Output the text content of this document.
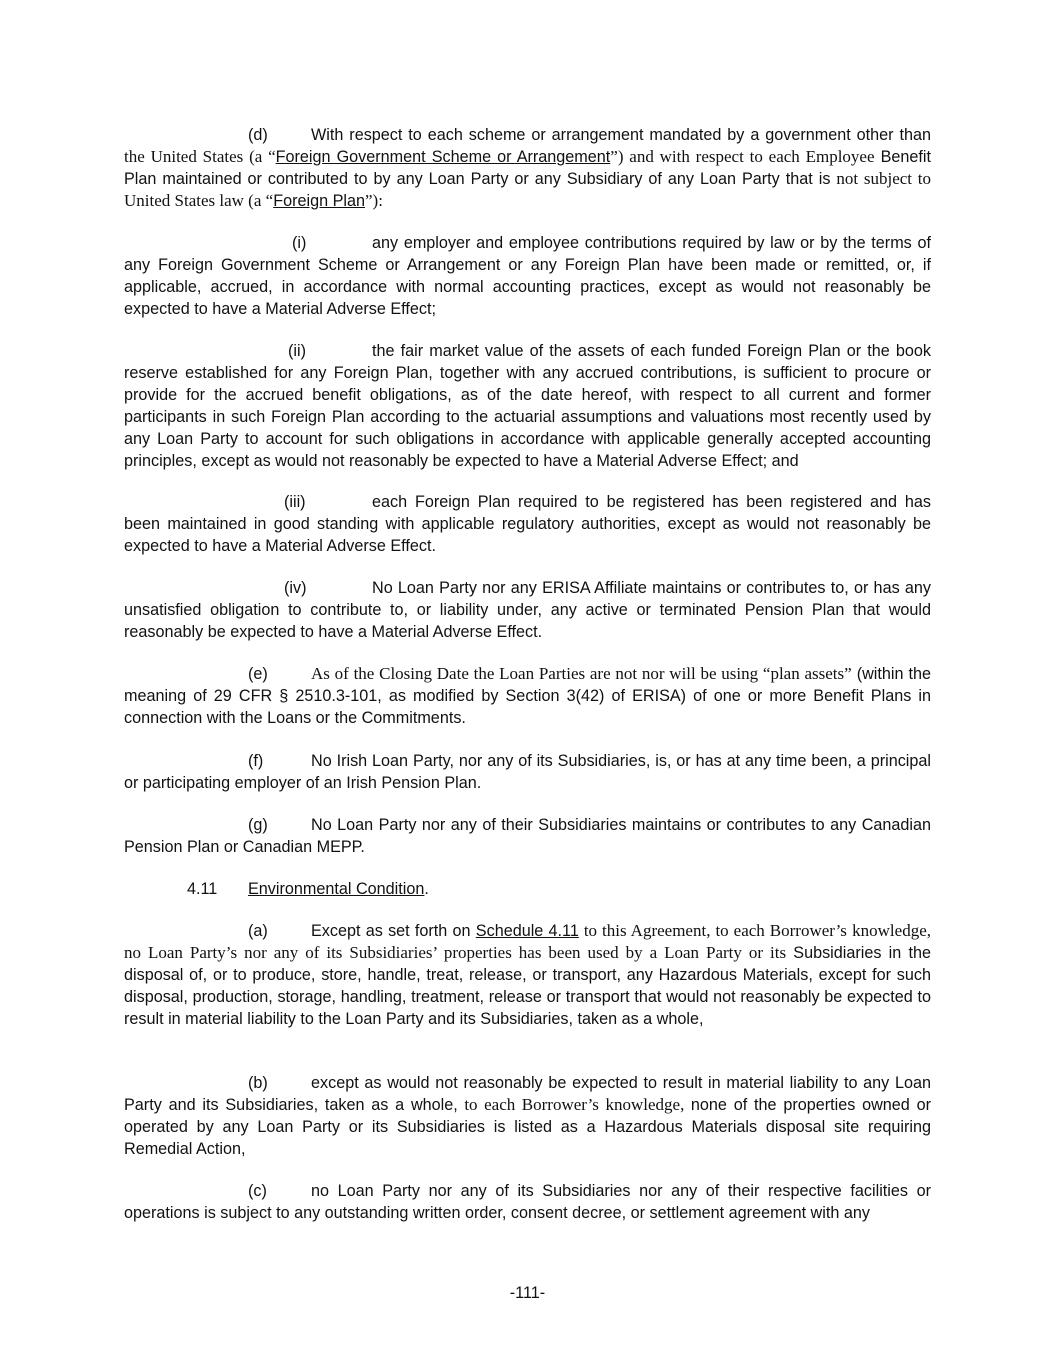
(d)	With respect to each scheme or arrangement mandated by a government other than the United States (a “Foreign Government Scheme or Arrangement”) and with respect to each Employee Benefit Plan maintained or contributed to by any Loan Party or any Subsidiary of any Loan Party that is not subject to United States law (a “Foreign Plan”):

(i)	any employer and employee contributions required by law or by the terms of any Foreign Government Scheme or Arrangement or any Foreign Plan have been made or remitted, or, if applicable, accrued, in accordance with normal accounting practices, except as would not reasonably be expected to have a Material Adverse Effect;

(ii)	the fair market value of the assets of each funded Foreign Plan or the book reserve established for any Foreign Plan, together with any accrued contributions, is sufficient to procure or provide for the accrued benefit obligations, as of the date hereof, with respect to all current and former participants in such Foreign Plan according to the actuarial assumptions and valuations most recently used by any Loan Party to account for such obligations in accordance with applicable generally accepted accounting principles, except as would not reasonably be expected to have a Material Adverse Effect; and

(iii)	each Foreign Plan required to be registered has been registered and has been maintained in good standing with applicable regulatory authorities, except as would not reasonably be expected to have a Material Adverse Effect.

(iv)	No Loan Party nor any ERISA Affiliate maintains or contributes to, or has any unsatisfied obligation to contribute to, or liability under, any active or terminated Pension Plan that would reasonably be expected to have a Material Adverse Effect.

(e)	As of the Closing Date the Loan Parties are not nor will be using “plan assets” (within the meaning of 29 CFR § 2510.3-101, as modified by Section 3(42) of ERISA) of one or more Benefit Plans in connection with the Loans or the Commitments.

(f)	No Irish Loan Party, nor any of its Subsidiaries, is, or has at any time been, a principal or participating employer of an Irish Pension Plan.

(g)	No Loan Party nor any of their Subsidiaries maintains or contributes to any Canadian Pension Plan or Canadian MEPP.

4.11 Environmental Condition.

(a)	Except as set forth on Schedule 4.11 to this Agreement, to each Borrower’s knowledge, no Loan Party’s nor any of its Subsidiaries’ properties has been used by a Loan Party or its Subsidiaries in the disposal of, or to produce, store, handle, treat, release, or transport, any Hazardous Materials, except for such disposal, production, storage, handling, treatment, release or transport that would not reasonably be expected to result in material liability to the Loan Party and its Subsidiaries, taken as a whole,

(b)	except as would not reasonably be expected to result in material liability to any Loan Party and its Subsidiaries, taken as a whole, to each Borrower’s knowledge, none of the properties owned or operated by any Loan Party or its Subsidiaries is listed as a Hazardous Materials disposal site requiring Remedial Action,

(c)	no Loan Party nor any of its Subsidiaries nor any of their respective facilities or operations is subject to any outstanding written order, consent decree, or settlement agreement with any

-111-
